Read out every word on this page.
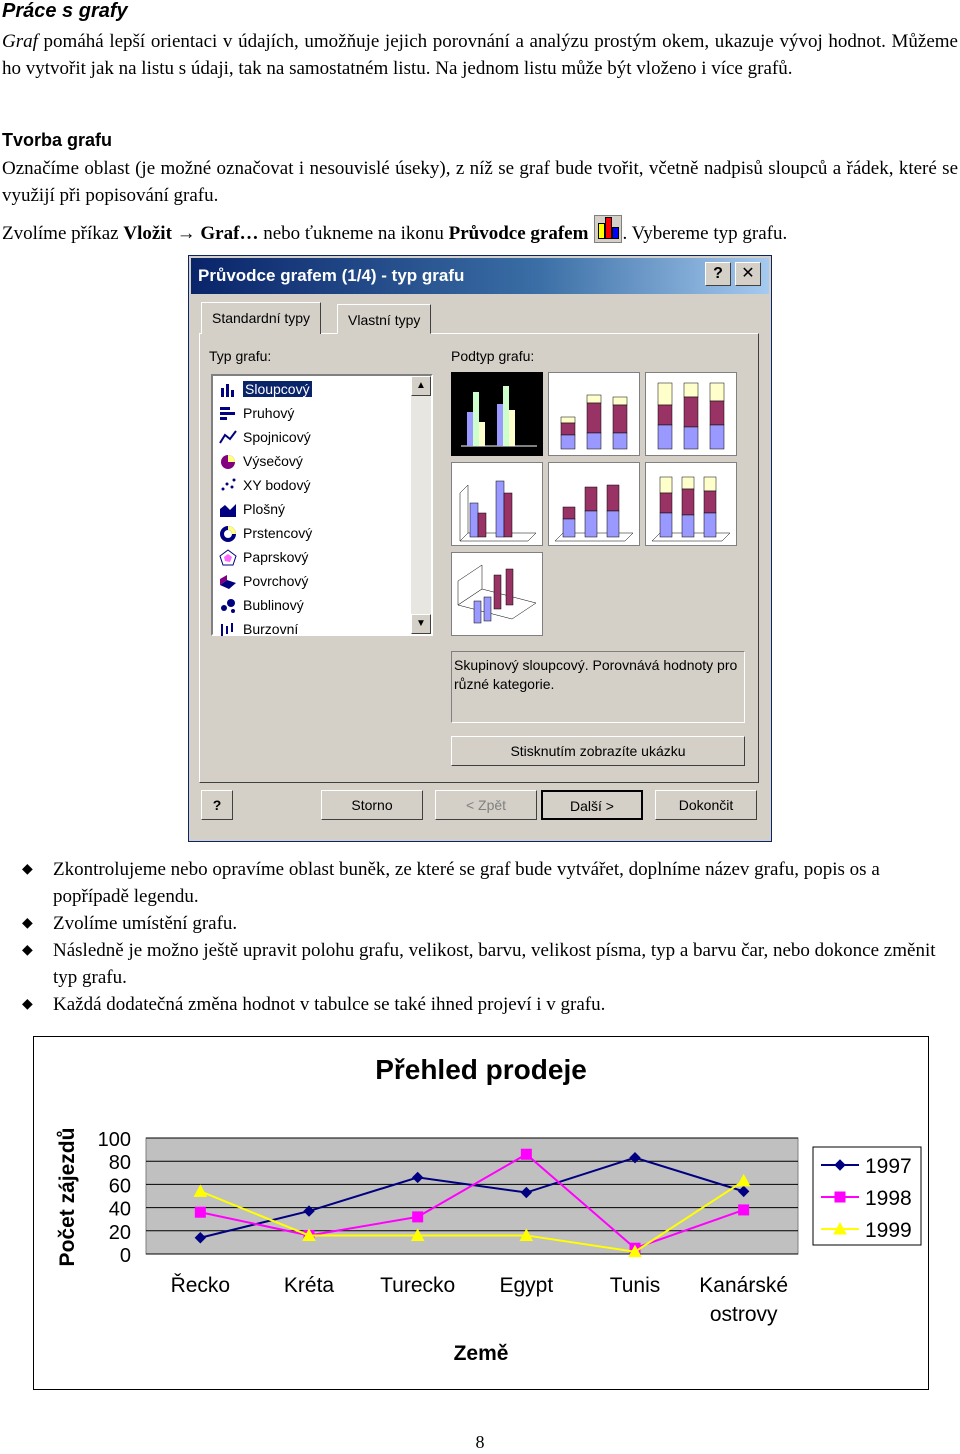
Práce s grafy
Graf pomáhá lepší orientaci v údajích, umožňuje jejich porovnání a analýzu prostým okem, ukazuje vývoj hodnot. Můžeme ho vytvořit jak na listu s údaji, tak na samostatném listu. Na jednom listu může být vloženo i více grafů.
Tvorba grafu
Označíme oblast (je možné označovat i nesouvislé úseky), z níž se graf bude tvořit, včetně nadpisů sloupců a řádek, které se využijí při popisování grafu.
Zvolíme příkaz Vložit → Graf… nebo ťukneme na ikonu Průvodce grafem . Vybereme typ grafu.
Průvodce grafem (1/4) - typ grafu	?	✕
Standardní typy	Vlastní typy
Typ grafu:	Podtyp grafu:
Sloupcový
Pruhový
Spojnicový
Výsečový
XY bodový
Plošný
Prstencový
Paprskový
Povrchový
Bublinový
Burzovní
▲
▼
Skupinový sloupcový. Porovnává hodnoty pro různé kategorie.
Stisknutím zobrazíte ukázku
?	Storno	< Zpět	Další >	Dokončit

◆ Zkontrolujeme nebo opravíme oblast buněk, ze které se graf bude vytvářet, doplníme název grafu, popis os a popřípadě legendu.

◆ Zvolíme umístění grafu.

◆ Následně je možno ještě upravit polohu grafu, velikost, barvu, velikost písma, typ a barvu čar, nebo dokonce změnit typ grafu.

◆ Každá dodatečná změna hodnot v tabulce se také ihned projeví i v grafu.

Přehled prodeje
0
20
40
60
80
100
Řecko	Kréta Turecko Egypt	Tunis Kanárské
ostrovy
Země
Počet zájezdů	1997
1998
1999
8
